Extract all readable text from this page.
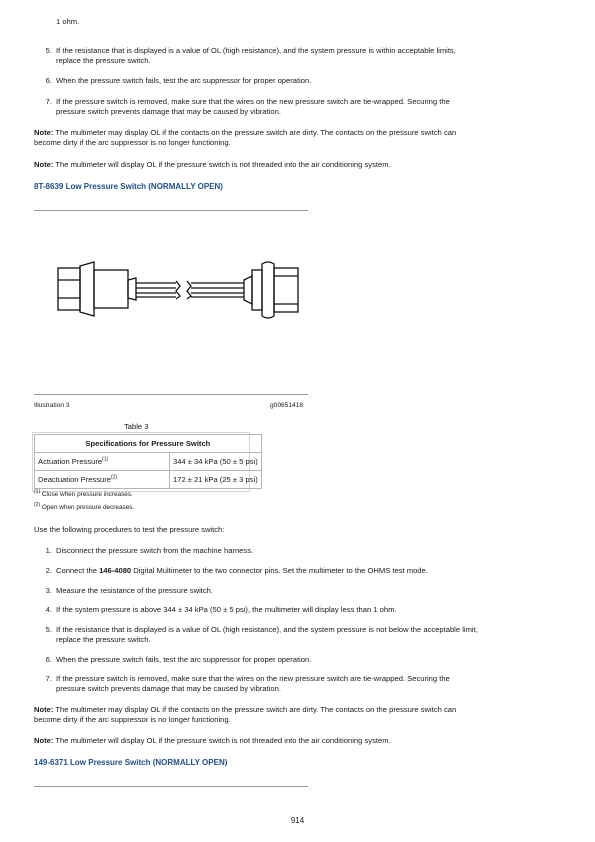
1 ohm.
5. If the resistance that is displayed is a value of OL (high resistance), and the system pressure is within acceptable limits,
replace the pressure switch.
6. When the pressure switch fails, test the arc suppressor for proper operation.
7. If the pressure switch is removed, make sure that the wires on the new pressure switch are tie-wrapped. Securing the
pressure switch prevents damage that may be caused by vibration.
Note: The multimeter may display OL if the contacts on the pressure switch are dirty. The contacts on the pressure switch can
become dirty if the arc suppressor is no longer functioning.
Note: The multimeter will display OL if the pressure switch is not threaded into the air conditioning system.
8T-8639 Low Pressure Switch (NORMALLY OPEN)
Illustration 3	g00651418
Table 3
Specifications for Pressure Switch	
Actuation Pressure$^{(1)}$	344 ± 34 kPa (50 ± 5 psi)
Deactuation Pressure$^{(2)}$	172 ± 21 kPa (25 ± 3 psi)
$^{(1)}$ Close when pressure increases.
$^{(2)}$ Open when pressure decreases.
Use the following procedures to test the pressure switch:
1. Disconnect the pressure switch from the machine harness.
2. Connect the 146-4080 Digital Multimeter to the two connector pins. Set the multimeter to the OHMS test mode.
3. Measure the resistance of the pressure switch.
4. If the system pressure is above 344 ± 34 kPa (50 ± 5 psi), the multimeter will display less than 1 ohm.
5. If the resistance that is displayed is a value of OL (high resistance), and the system pressure is not below the acceptable limit,
replace the pressure switch.
6. When the pressure switch fails, test the arc suppressor for proper operation.
7. If the pressure switch is removed, make sure that the wires on the new pressure switch are tie-wrapped. Securing the
pressure switch prevents damage that may be caused by vibration.
Note: The multimeter may display OL if the contacts on the pressure switch are dirty. The contacts on the pressure switch can
become dirty if the arc suppressor is no longer functioning.
Note: The multimeter will display OL if the pressure switch is not threaded into the air conditioning system.
149-6371 Low Pressure Switch (NORMALLY OPEN)
914
